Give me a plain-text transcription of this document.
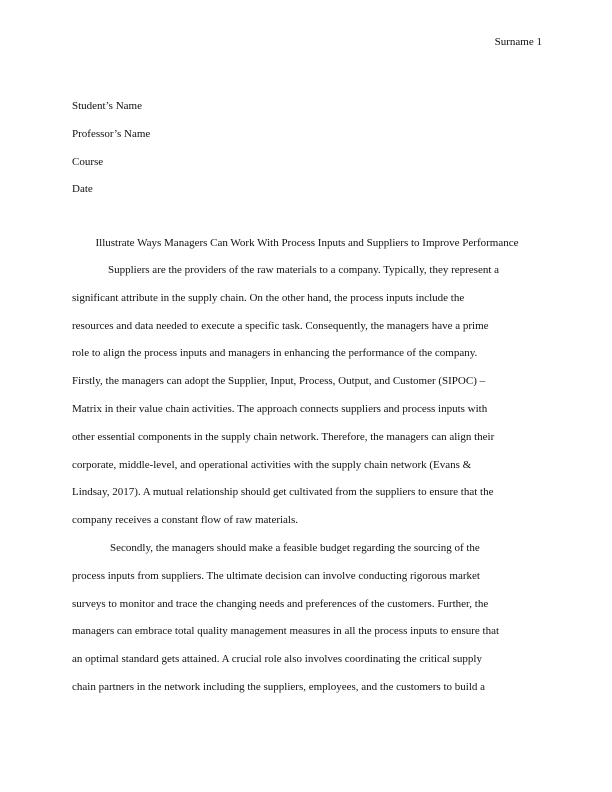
Surname 1
Student’s Name
Professor’s Name
Course
Date
Illustrate Ways Managers Can Work With Process Inputs and Suppliers to Improve Performance
Suppliers are the providers of the raw materials to a company. Typically, they represent a
significant attribute in the supply chain. On the other hand, the process inputs include the
resources and data needed to execute a specific task. Consequently, the managers have a prime
role to align the process inputs and managers in enhancing the performance of the company.
Firstly, the managers can adopt the Supplier, Input, Process, Output, and Customer (SIPOC) –
Matrix in their value chain activities. The approach connects suppliers and process inputs with
other essential components in the supply chain network. Therefore, the managers can align their
corporate, middle-level, and operational activities with the supply chain network (Evans &
Lindsay, 2017). A mutual relationship should get cultivated from the suppliers to ensure that the
company receives a constant flow of raw materials.
Secondly, the managers should make a feasible budget regarding the sourcing of the
process inputs from suppliers. The ultimate decision can involve conducting rigorous market
surveys to monitor and trace the changing needs and preferences of the customers. Further, the
managers can embrace total quality management measures in all the process inputs to ensure that
an optimal standard gets attained. A crucial role also involves coordinating the critical supply
chain partners in the network including the suppliers, employees, and the customers to build a
